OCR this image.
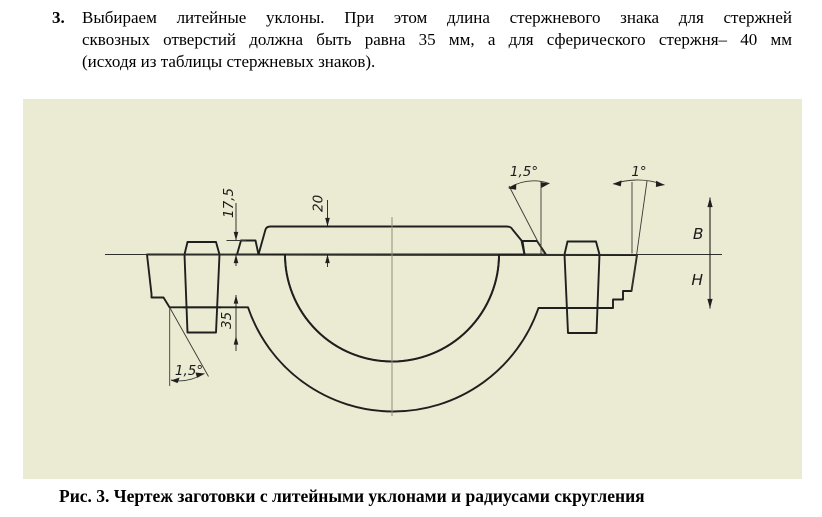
3. Выбираем литейные уклоны. При этом длина стержневого знака для стержней
сквозных отверстий должна быть равна 35 мм, а для сферического стержня– 40 мм
(исходя из таблицы стержневых знаков).
1,5°	1°
1,5°
17,5	20
35
B
H
Рис. 3. Чертеж заготовки с литейными уклонами и радиусами скругления
